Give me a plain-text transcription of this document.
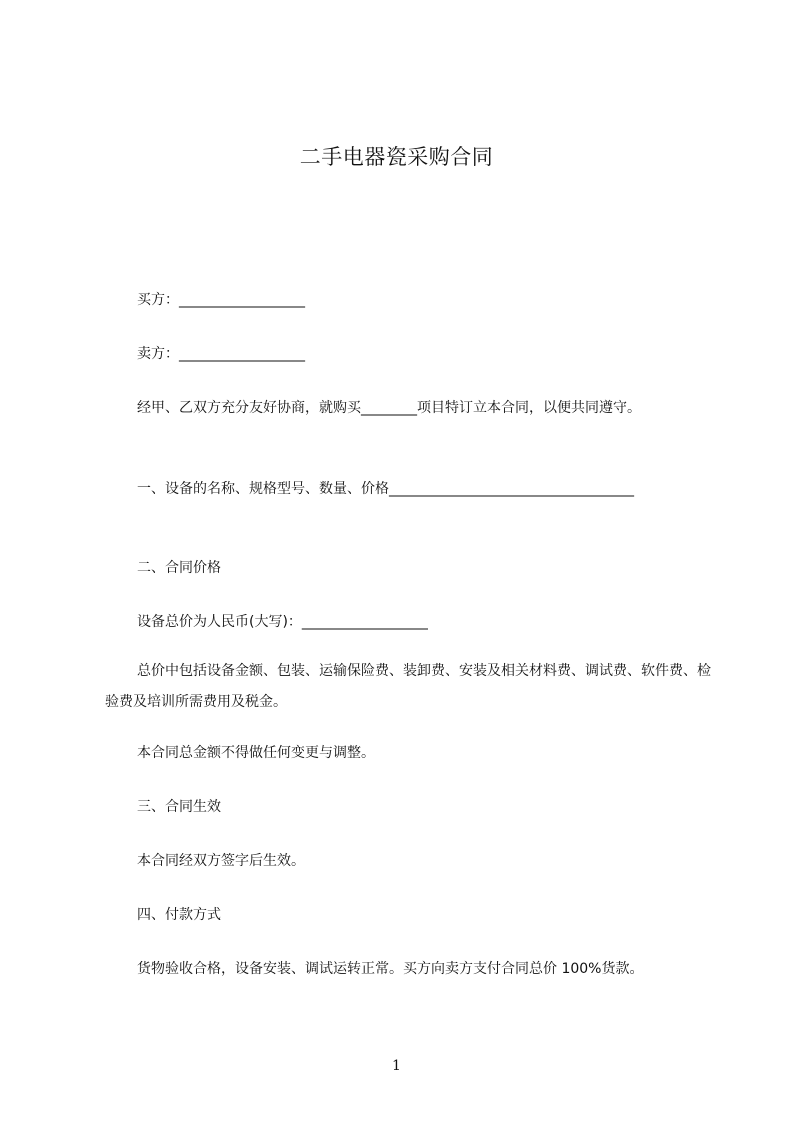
二手电器瓷采购合同
买方：__________________
卖方：__________________
经甲、乙双方充分友好协商，就购买________项目特订立本合同，以便共同遵守。
一、设备的名称、规格型号、数量、价格___________________________________
二、合同价格
设备总价为人民币(大写)：__________________
总价中包括设备金额、包装、运输保险费、装卸费、安装及相关材料费、调试费、软件费、检验费及培训所需费用及税金。
本合同总金额不得做任何变更与调整。
三、合同生效
本合同经双方签字后生效。
四、付款方式
货物验收合格，设备安装、调试运转正常。买方向卖方支付合同总价 100%货款。
1
